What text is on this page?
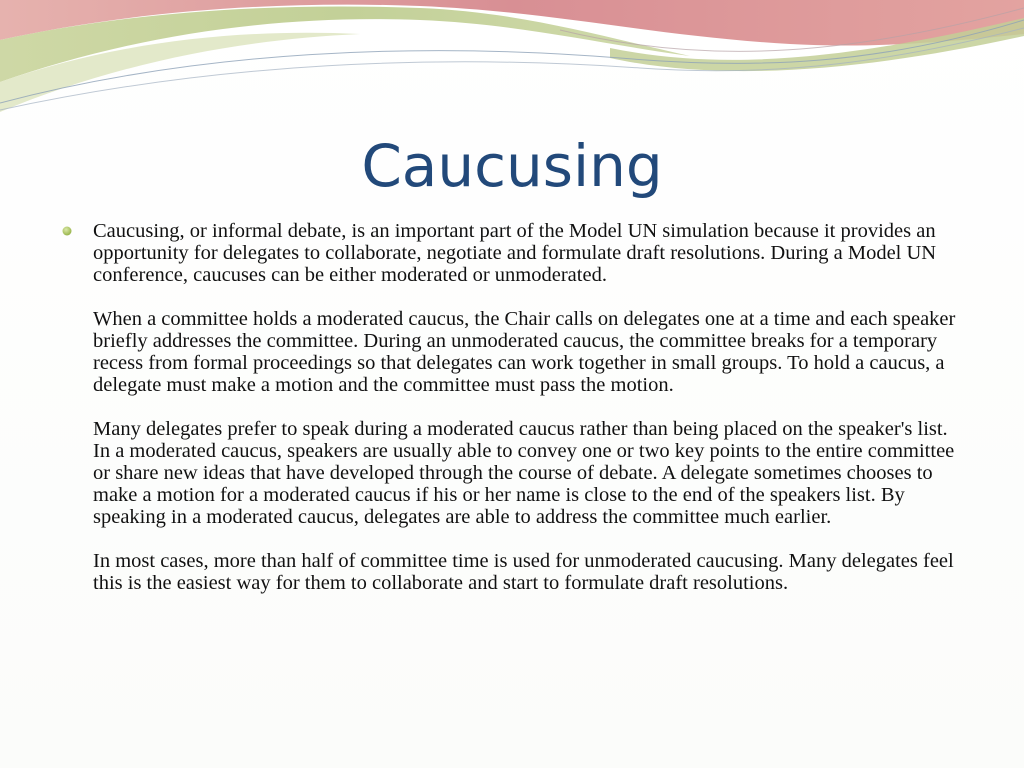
Caucusing

Caucusing, or informal debate, is an important part of the Model UN simulation because it provides an opportunity for delegates to collaborate, negotiate and formulate draft resolutions. During a Model UN conference, caucuses can be either moderated or unmoderated.

When a committee holds a moderated caucus, the Chair calls on delegates one at a time and each speaker briefly addresses the committee. During an unmoderated caucus, the committee breaks for a temporary recess from formal proceedings so that delegates can work together in small groups. To hold a caucus, a delegate must make a motion and the committee must pass the motion.

Many delegates prefer to speak during a moderated caucus rather than being placed on the speaker's list. In a moderated caucus, speakers are usually able to convey one or two key points to the entire committee or share new ideas that have developed through the course of debate. A delegate sometimes chooses to make a motion for a moderated caucus if his or her name is close to the end of the speakers list. By speaking in a moderated caucus, delegates are able to address the committee much earlier.

In most cases, more than half of committee time is used for unmoderated caucusing. Many delegates feel this is the easiest way for them to collaborate and start to formulate draft resolutions.
